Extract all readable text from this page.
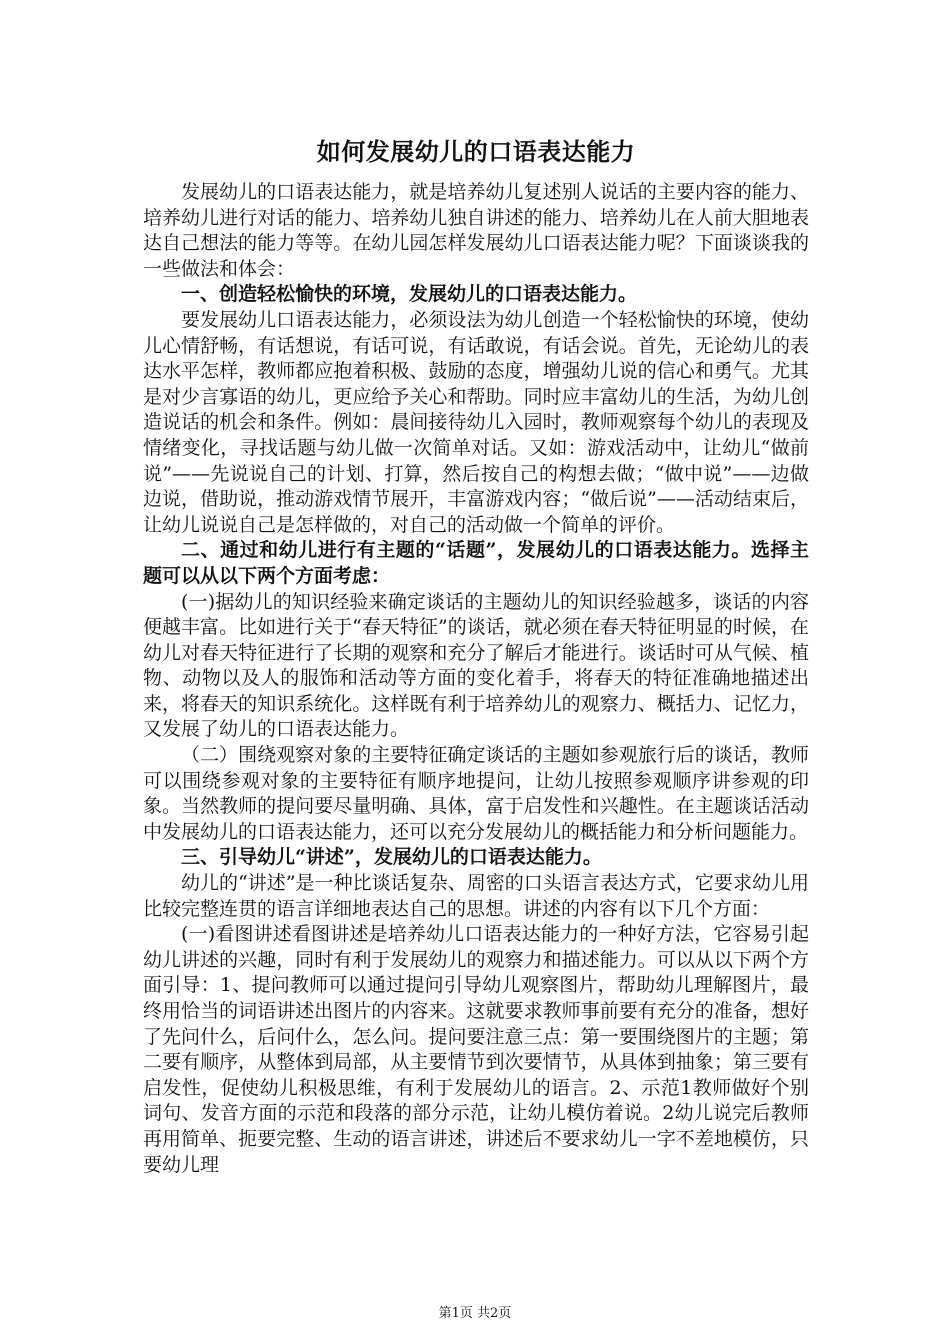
如何发展幼儿的口语表达能力

发展幼儿的口语表达能力，就是培养幼儿复述别人说话的主要内容的能力、培养幼儿进行对话的能力、培养幼儿独自讲述的能力、培养幼儿在人前大胆地表达自己想法的能力等等。在幼儿园怎样发展幼儿口语表达能力呢？下面谈谈我的一些做法和体会：

一、创造轻松愉快的环境，发展幼儿的口语表达能力。

要发展幼儿口语表达能力，必须设法为幼儿创造一个轻松愉快的环境，使幼儿心情舒畅，有话想说，有话可说，有话敢说，有话会说。首先，无论幼儿的表达水平怎样，教师都应抱着积极、鼓励的态度，增强幼儿说的信心和勇气。尤其是对少言寡语的幼儿，更应给予关心和帮助。同时应丰富幼儿的生活，为幼儿创造说话的机会和条件。例如：晨间接待幼儿入园时，教师观察每个幼儿的表现及情绪变化，寻找话题与幼儿做一次简单对话。又如：游戏活动中，让幼儿“做前说”——先说说自己的计划、打算，然后按自己的构想去做；“做中说”——边做边说，借助说，推动游戏情节展开，丰富游戏内容；“做后说”——活动结束后，让幼儿说说自己是怎样做的，对自己的活动做一个简单的评价。

二、通过和幼儿进行有主题的“话题”，发展幼儿的口语表达能力。选择主题可以从以下两个方面考虑：

(一)据幼儿的知识经验来确定谈话的主题幼儿的知识经验越多，谈话的内容便越丰富。比如进行关于“春天特征”的谈话，就必须在春天特征明显的时候，在幼儿对春天特征进行了长期的观察和充分了解后才能进行。谈话时可从气候、植物、动物以及人的服饰和活动等方面的变化着手，将春天的特征准确地描述出来，将春天的知识系统化。这样既有利于培养幼儿的观察力、概括力、记忆力，又发展了幼儿的口语表达能力。

（二）围绕观察对象的主要特征确定谈话的主题如参观旅行后的谈话，教师可以围绕参观对象的主要特征有顺序地提问，让幼儿按照参观顺序讲参观的印象。当然教师的提问要尽量明确、具体，富于启发性和兴趣性。在主题谈话活动中发展幼儿的口语表达能力，还可以充分发展幼儿的概括能力和分析问题能力。

三、引导幼儿“讲述”，发展幼儿的口语表达能力。

幼儿的“讲述”是一种比谈话复杂、周密的口头语言表达方式，它要求幼儿用比较完整连贯的语言详细地表达自己的思想。讲述的内容有以下几个方面：

(一)看图讲述看图讲述是培养幼儿口语表达能力的一种好方法，它容易引起幼儿讲述的兴趣，同时有利于发展幼儿的观察力和描述能力。可以从以下两个方面引导：1、提问教师可以通过提问引导幼儿观察图片，帮助幼儿理解图片，最终用恰当的词语讲述出图片的内容来。这就要求教师事前要有充分的准备，想好了先问什么，后问什么，怎么问。提问要注意三点：第一要围绕图片的主题；第二要有顺序，从整体到局部，从主要情节到次要情节，从具体到抽象；第三要有启发性，促使幼儿积极思维，有利于发展幼儿的语言。2、示范1教师做好个别词句、发音方面的示范和段落的部分示范，让幼儿模仿着说。2幼儿说完后教师再用简单、扼要完整、生动的语言讲述，讲述后不要求幼儿一字不差地模仿，只要幼儿理

第1页 共2页
